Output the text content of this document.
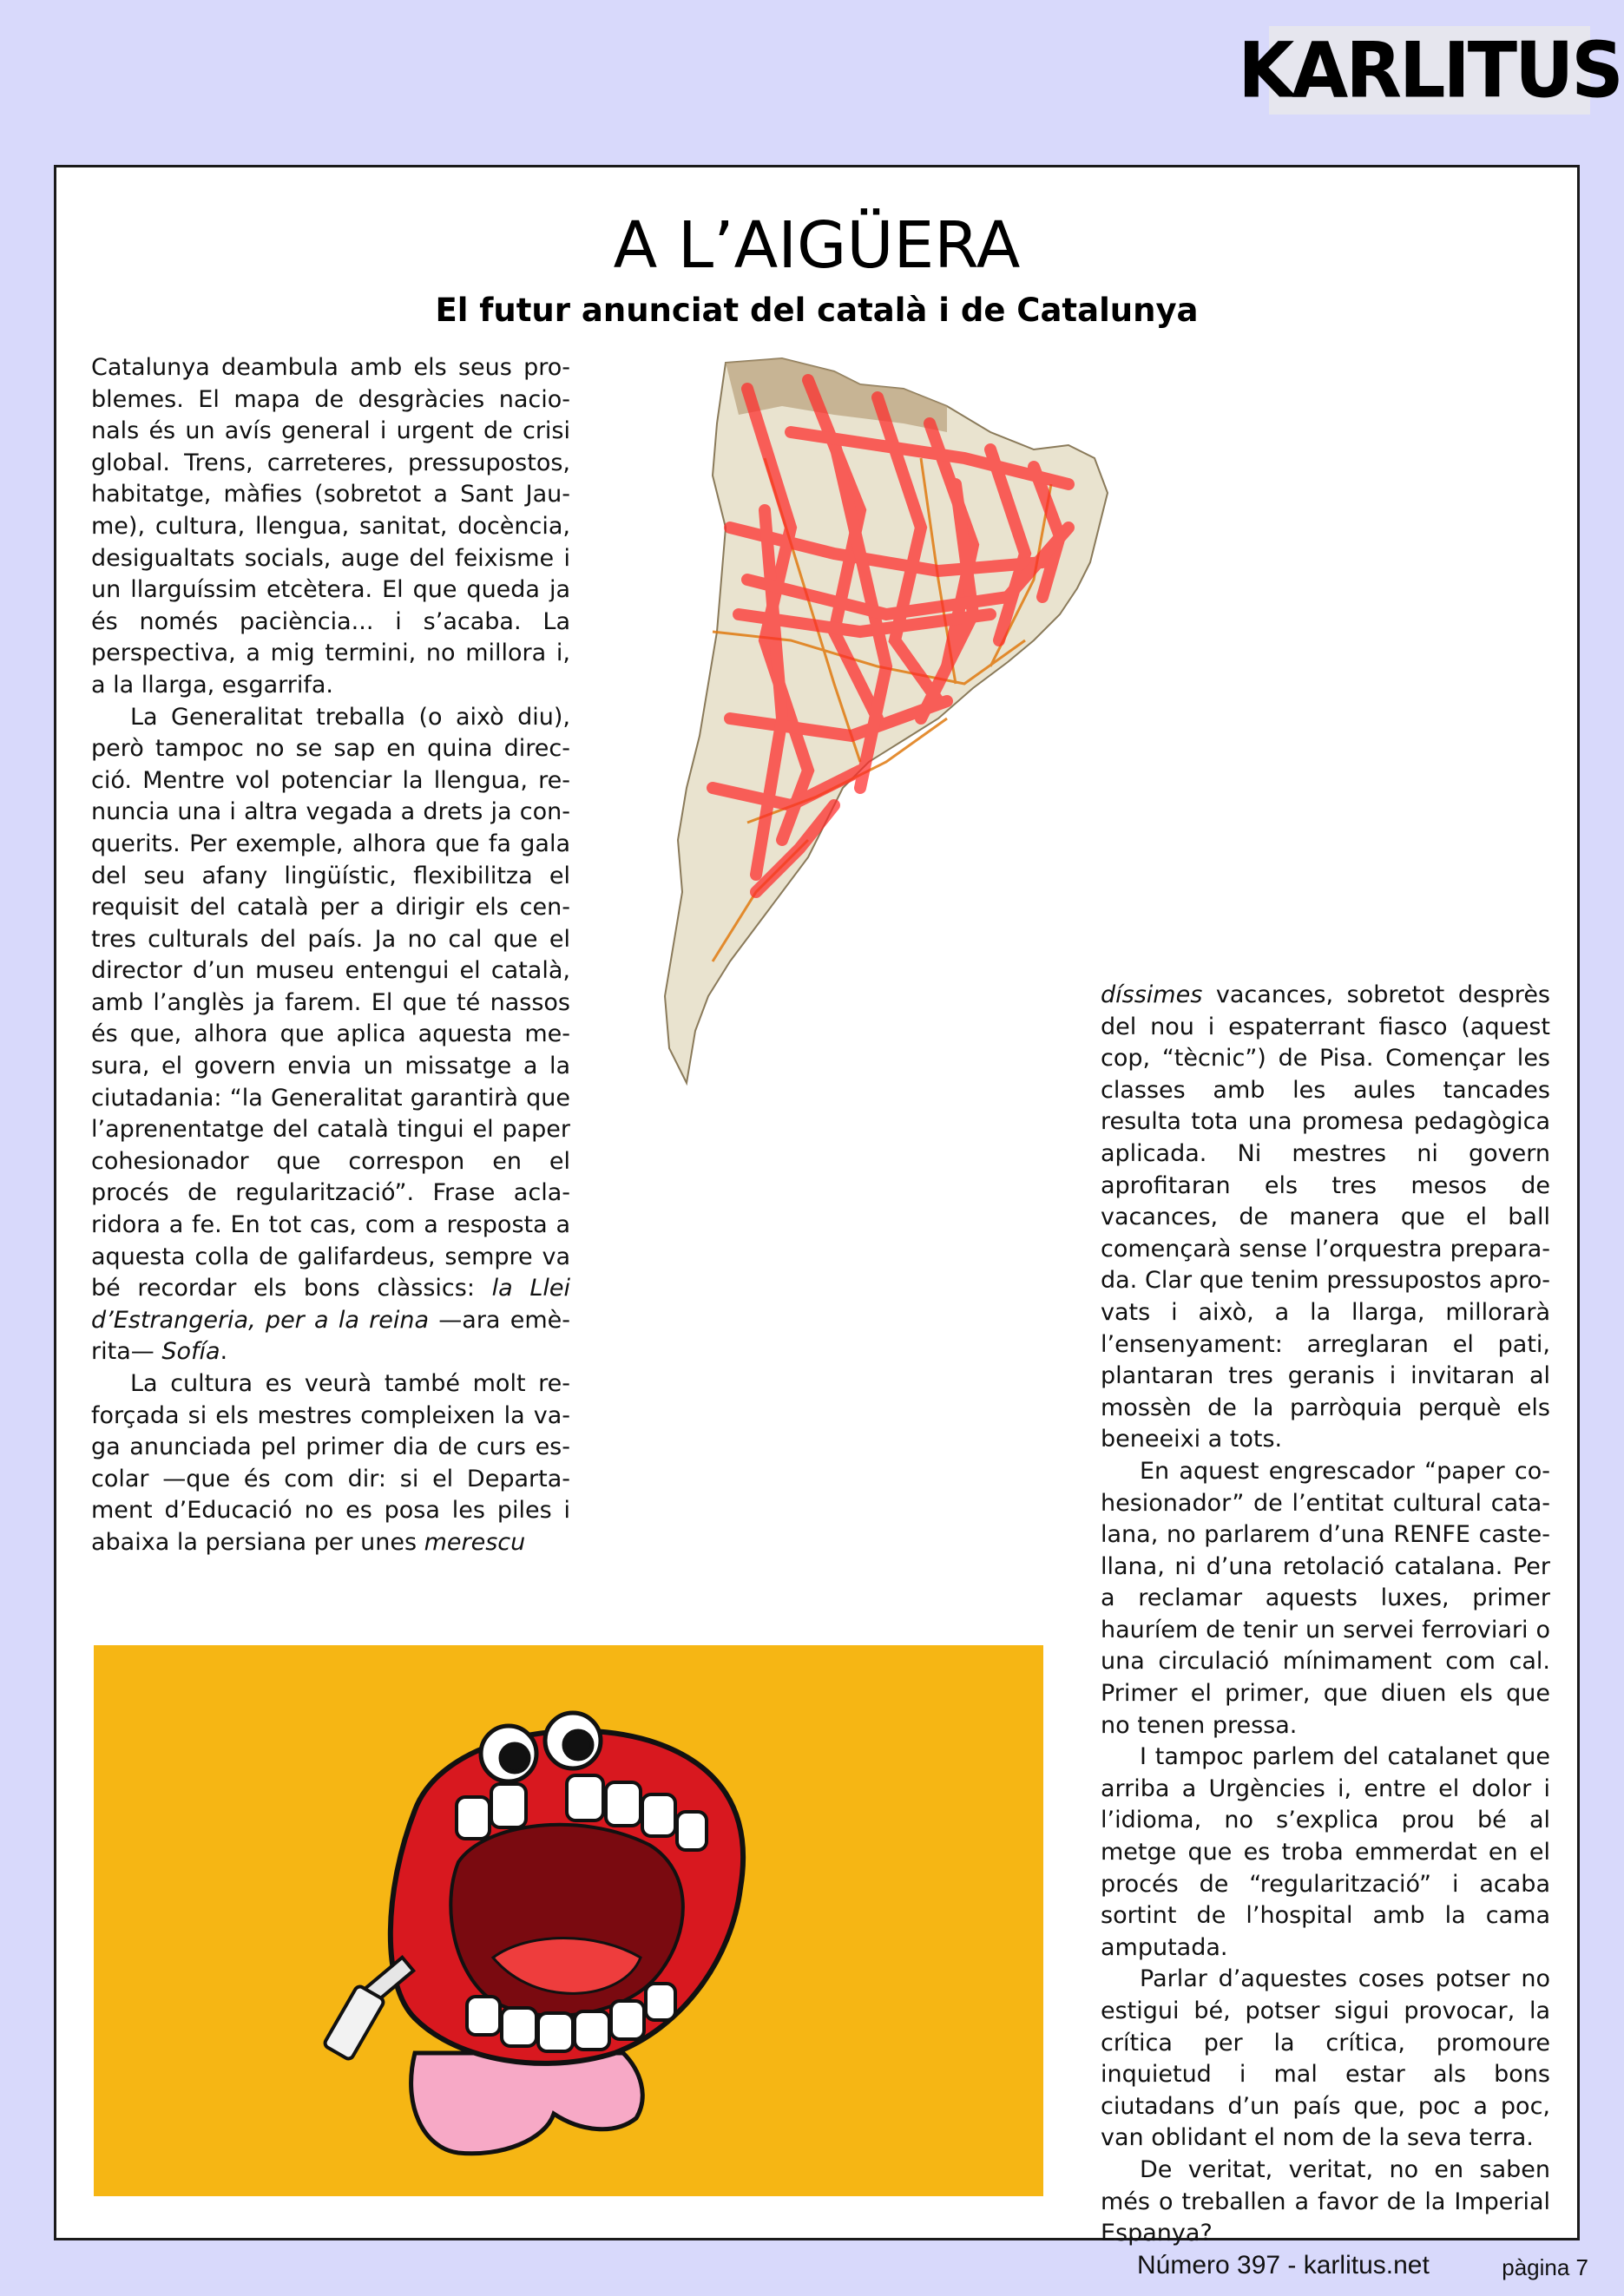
KARLITUS
A L’AIGÜERA
El futur anunciat del català i de Catalunya

Catalunya deambula amb els seus problemes. El mapa de desgràcies nacionals és un avís general i urgent de crisi global. Trens, carreteres, pressupostos, habitatge, màfies (sobretot a Sant Jaume), cultura, llengua, sanitat, docència, desigualtats socials, auge del feixisme i un llarguíssim etcètera. El que queda ja és només paciència... i s’acaba. La perspectiva, a mig termini, no millora i, a la llarga, esgarrifa.

La Generalitat treballa (o això diu), però tampoc no se sap en quina direcció. Mentre vol potenciar la llengua, renuncia una i altra vegada a drets ja conquerits. Per exemple, alhora que fa gala del seu afany lingüístic, flexibilitza el requisit del català per a dirigir els centres culturals del país. Ja no cal que el director d’un museu entengui el català, amb l’anglès ja farem. El que té nassos és que, alhora que aplica aquesta mesura, el govern envia un missatge a la ciutadania: “la Generalitat garantirà que l’aprenentatge del català tingui el paper cohesionador que correspon en el procés de regularització”. Frase aclaridora a fe. En tot cas, com a resposta a aquesta colla de galifardeus, sempre va bé recordar els bons clàssics: la Llei d’Estrangeria, per a la reina —ara emèrita— Sofía.

La cultura es veurà també molt reforçada si els mestres compleixen la vaga anunciada pel primer dia de curs escolar —que és com dir: si el Departament d’Educació no es posa les piles i abaixa la persiana per unes merescu

díssimes vacances, sobretot desprès del nou i espaterrant fiasco (aquest cop, “tècnic”) de Pisa. Començar les classes amb les aules tancades resulta tota una promesa pedagògica aplicada. Ni mestres ni govern aprofitaran els tres mesos de vacances, de manera que el ball començarà sense l’orquestra preparada. Clar que tenim pressupostos aprovats i això, a la llarga, millorarà l’ensenyament: arreglaran el pati, plantaran tres geranis i invitaran al mossèn de la parròquia perquè els beneeixi a tots.

En aquest engrescador “paper cohesionador” de l’entitat cultural catalana, no parlarem d’una RENFE castellana, ni d’una retolació catalana. Per a reclamar aquests luxes, primer hauríem de tenir un servei ferroviari o una circulació mínimament com cal. Primer el primer, que diuen els que no tenen pressa.

I tampoc parlem del catalanet que arriba a Urgències i, entre el dolor i l’idioma, no s’explica prou bé al metge que es troba emmerdat en el procés de “regularització” i acaba sortint de l’hospital amb la cama amputada.

Parlar d’aquestes coses potser no estigui bé, potser sigui provocar, la crítica per la crítica, promoure inquietud i mal estar als bons ciutadans d’un país que, poc a poc, van oblidant el nom de la seva terra.

De veritat, veritat, no en saben més o treballen a favor de la Imperial Espanya?

Número 397 - karlitus.net	pàgina 7
